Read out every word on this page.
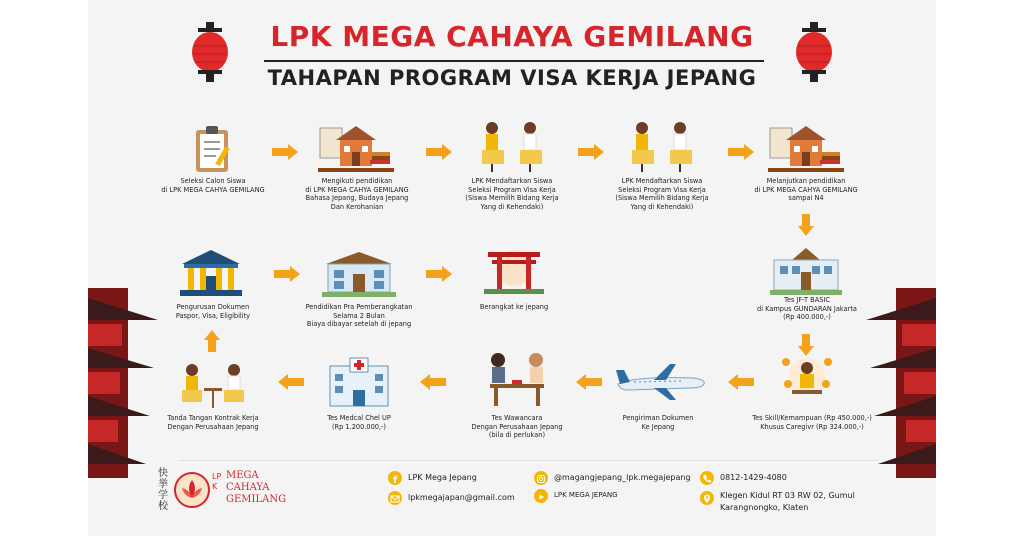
LPK MEGA CAHAYA GEMILANG
TAHAPAN PROGRAM VISA KERJA JEPANG
Seleksi Calon Siswa
di LPK MEGA CAHYA GEMILANG
Mengikuti pendidikan
di LPK MEGA CAHYA GEMILANG
Bahasa Jepang, Budaya Jepang
Dan Kerohanian
LPK Mendaftarkan Siswa
Seleksi Program Visa Kerja
(Siswa Memilih Bidang Kerja
Yang di Kehendaki)
LPK Mendaftarkan Siswa
Seleksi Program Visa Kerja
(Siswa Memilih Bidang Kerja
Yang di Kehendaki)
Melanjutkan pendidikan
di LPK MEGA CAHYA GEMILANG
sampai N4
Pengurusan Dokumen
Paspor, Visa, Eligibility
Pendidikan Pra Pemberangkatan
Selama 2 Bulan
Biaya dibayar setelah di jepang
Berangkat ke jepang
Tes JF-T BASIC
di Kampus GUNDARAN Jakarta
(Rp 400.000,-)
Tanda Tangan Kontrak Kerja
Dengan Perusahaan Jepang
Tes Medcal Chel UP
(Rp 1.200.000,-)
Tes Wawancara
Dengan Perusahaan Jepang
(bila di perlukan)
Pengiriman Dokumen
Ke Jepang
Tes Skill/Kemampuan (Rp 450.000,-)
Khusus Caregivr (Rp 324.000,-)
快挙学校
LPK
MEGA
CAHAYA
GEMILANG
f LPK Mega Jepang
lpkmegajapan@gmail.com
@magangjepang_lpk.megajepang
LPK MEGA JEPANG
0812-1429-4080
Klegen Kidul RT 03 RW 02, Gumul
Karangnongko, Klaten
